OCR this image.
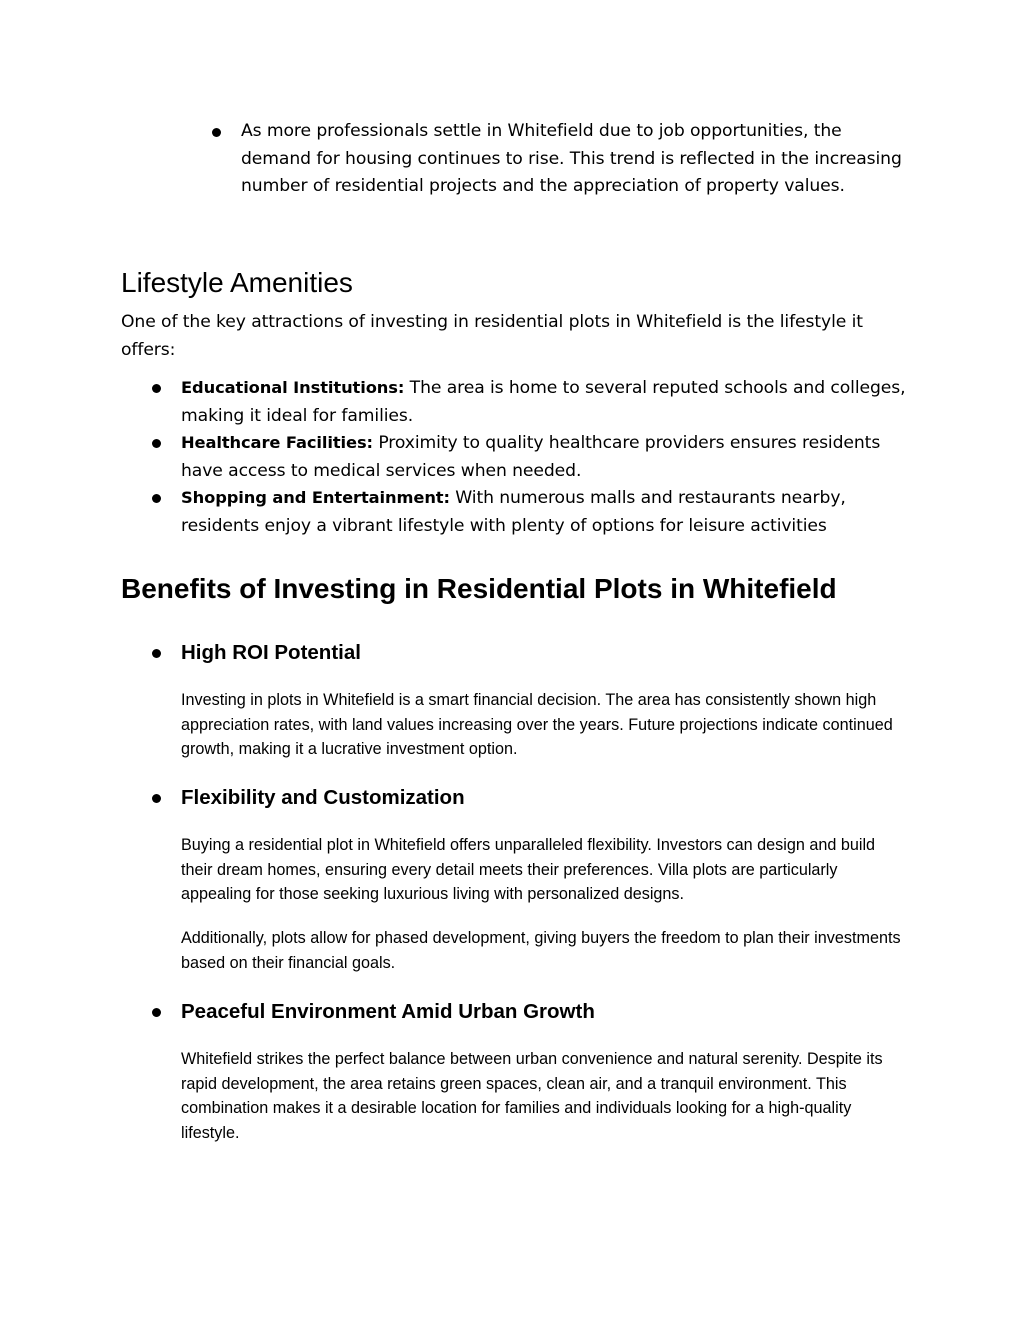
As more professionals settle in Whitefield due to job opportunities, the demand for housing continues to rise. This trend is reflected in the increasing number of residential projects and the appreciation of property values.
Lifestyle Amenities
One of the key attractions of investing in residential plots in Whitefield is the lifestyle it offers:
Educational Institutions: The area is home to several reputed schools and colleges, making it ideal for families.
Healthcare Facilities: Proximity to quality healthcare providers ensures residents have access to medical services when needed.
Shopping and Entertainment: With numerous malls and restaurants nearby, residents enjoy a vibrant lifestyle with plenty of options for leisure activities
Benefits of Investing in Residential Plots in Whitefield
High ROI Potential
Investing in plots in Whitefield is a smart financial decision. The area has consistently shown high appreciation rates, with land values increasing over the years. Future projections indicate continued growth, making it a lucrative investment option.
Flexibility and Customization
Buying a residential plot in Whitefield offers unparalleled flexibility. Investors can design and build their dream homes, ensuring every detail meets their preferences. Villa plots are particularly appealing for those seeking luxurious living with personalized designs.
Additionally, plots allow for phased development, giving buyers the freedom to plan their investments based on their financial goals.
Peaceful Environment Amid Urban Growth
Whitefield strikes the perfect balance between urban convenience and natural serenity. Despite its rapid development, the area retains green spaces, clean air, and a tranquil environment. This combination makes it a desirable location for families and individuals looking for a high-quality lifestyle.
